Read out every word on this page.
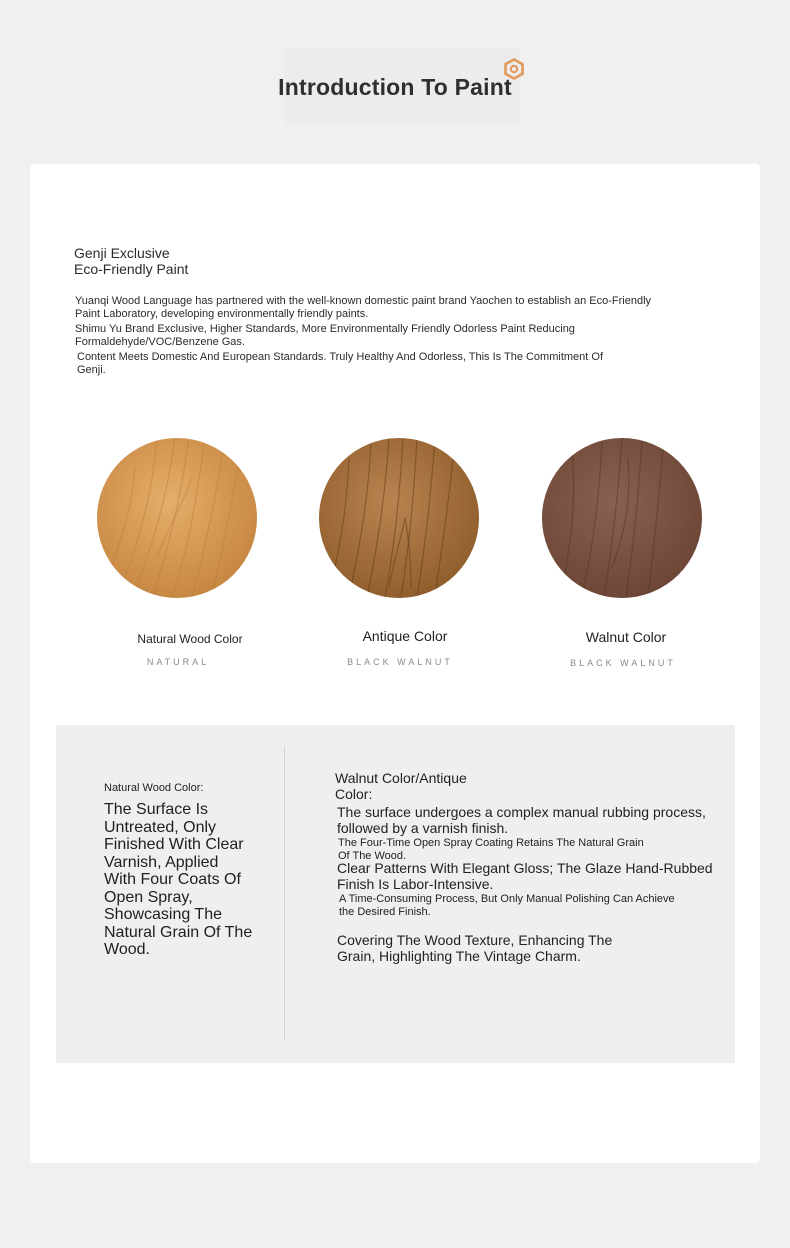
Introduction To Paint
Genji Exclusive
Eco-Friendly Paint
Yuanqi Wood Language has partnered with the well-known domestic paint brand Yaochen to establish an Eco-Friendly Paint Laboratory, developing environmentally friendly paints.
Shimu Yu Brand Exclusive, Higher Standards, More Environmentally Friendly Odorless Paint Reducing Formaldehyde/VOC/Benzene Gas.
Content Meets Domestic And European Standards. Truly Healthy And Odorless, This Is The Commitment Of Genji.
Natural Wood Color	Antique Color	Walnut Color
NATURAL	BLACK WALNUT	BLACK WALNUT
Natural Wood Color:
The Surface Is Untreated, Only Finished With Clear Varnish, Applied With Four Coats Of Open Spray, Showcasing The Natural Grain Of The Wood.
Walnut Color/Antique Color:
The surface undergoes a complex manual rubbing process, followed by a varnish finish.
The Four-Time Open Spray Coating Retains The Natural Grain Of The Wood.
Clear Patterns With Elegant Gloss; The Glaze Hand-Rubbed Finish Is Labor-Intensive.
A Time-Consuming Process, But Only Manual Polishing Can Achieve the Desired Finish.
Covering The Wood Texture, Enhancing The Grain, Highlighting The Vintage Charm.
